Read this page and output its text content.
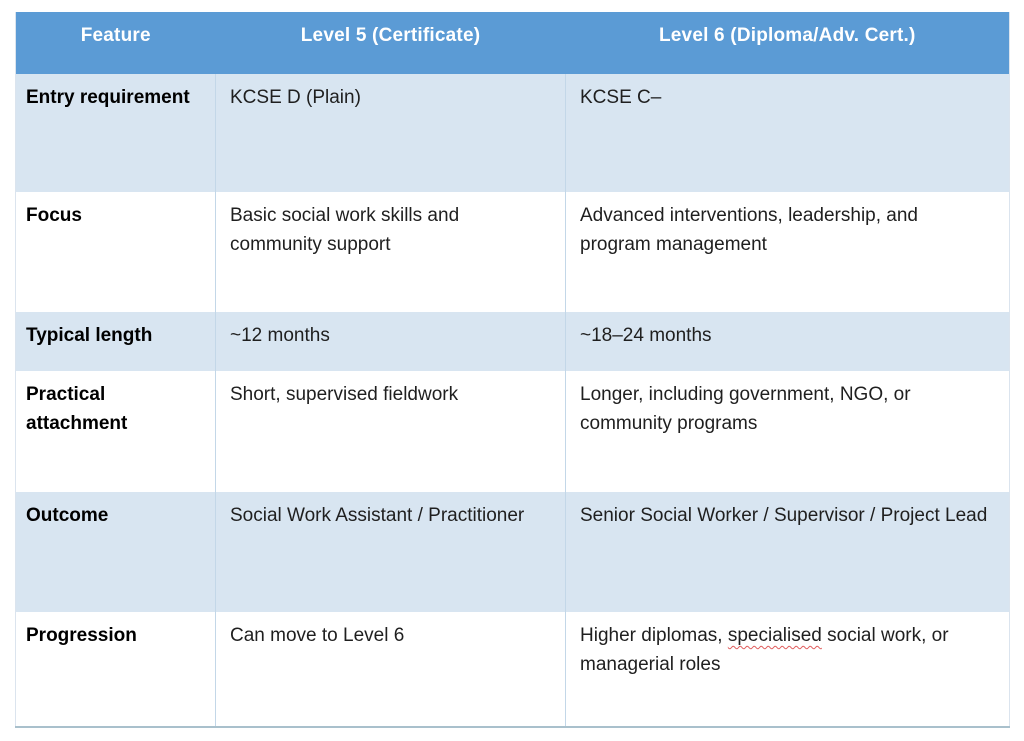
Feature	Level 5 (Certificate)	Level 6 (Diploma/Adv. Cert.)
Entry requirement	KCSE D (Plain)	KCSE C–
Focus	Basic social work skills and community support	Advanced interventions, leadership, and program management
Typical length	~12 months	~18–24 months
Practical attachment	Short, supervised fieldwork	Longer, including government, NGO, or community programs
Outcome	Social Work Assistant / Practitioner	Senior Social Worker / Supervisor / Project Lead
Progression	Can move to Level 6	Higher diplomas, specialised social work, or managerial roles
